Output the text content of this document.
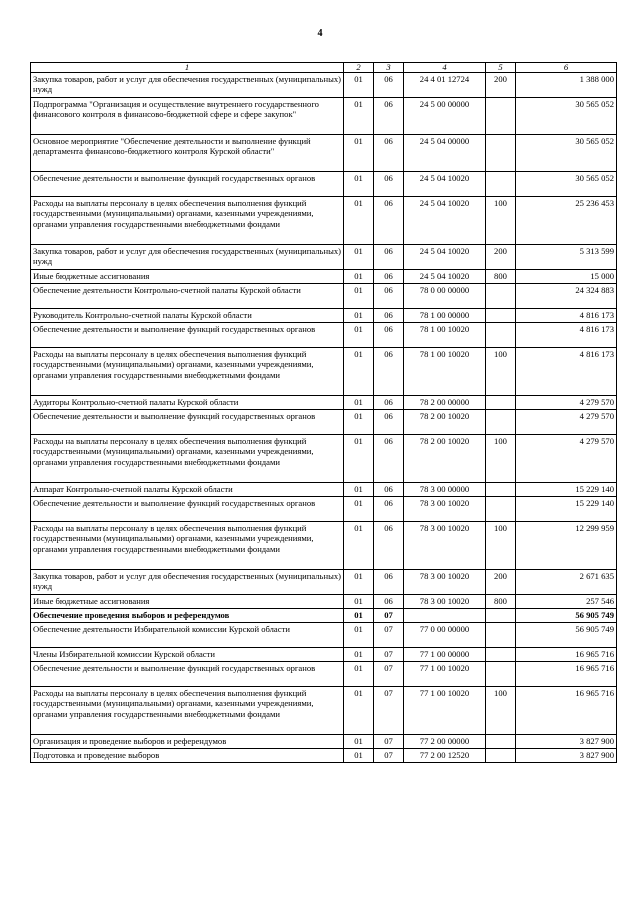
4
1	2	3	4	5	6
Закупка товаров, работ и услуг для обеспечения государственных (муниципальных) нужд	01	06	24 4 01 12724	200	1 388 000
Подпрограмма "Организация и осуществление внутреннего государственного финансового контроля в финансово-бюджетной сфере и сфере закупок"	01	06	24 5 00 00000		30 565 052
Основное мероприятие "Обеспечение деятельности и выполнение функций департамента финансово-бюджетного контроля Курской области"	01	06	24 5 04 00000		30 565 052
Обеспечение деятельности и выполнение функций государственных органов	01	06	24 5 04 10020		30 565 052
Расходы на выплаты персоналу в целях обеспечения выполнения функций государственными (муниципальными) органами, казенными учреждениями, органами управления государственными внебюджетными фондами	01	06	24 5 04 10020	100	25 236 453
Закупка товаров, работ и услуг для обеспечения государственных (муниципальных) нужд	01	06	24 5 04 10020	200	5 313 599
Иные бюджетные ассигнования	01	06	24 5 04 10020	800	15 000
Обеспечение деятельности Контрольно-счетной палаты Курской области	01	06	78 0 00 00000		24 324 883
Руководитель Контрольно-счетной палаты Курской области	01	06	78 1 00 00000		4 816 173
Обеспечение деятельности и выполнение функций государственных органов	01	06	78 1 00 10020		4 816 173
Расходы на выплаты персоналу в целях обеспечения выполнения функций государственными (муниципальными) органами, казенными учреждениями, органами управления государственными внебюджетными фондами	01	06	78 1 00 10020	100	4 816 173
Аудиторы Контрольно-счетной палаты Курской области	01	06	78 2 00 00000		4 279 570
Обеспечение деятельности и выполнение функций государственных органов	01	06	78 2 00 10020		4 279 570
Расходы на выплаты персоналу в целях обеспечения выполнения функций государственными (муниципальными) органами, казенными учреждениями, органами управления государственными внебюджетными фондами	01	06	78 2 00 10020	100	4 279 570
Аппарат Контрольно-счетной палаты Курской области	01	06	78 3 00 00000		15 229 140
Обеспечение деятельности и выполнение функций государственных органов	01	06	78 3 00 10020		15 229 140
Расходы на выплаты персоналу в целях обеспечения выполнения функций государственными (муниципальными) органами, казенными учреждениями, органами управления государственными внебюджетными фондами	01	06	78 3 00 10020	100	12 299 959
Закупка товаров, работ и услуг для обеспечения государственных (муниципальных) нужд	01	06	78 3 00 10020	200	2 671 635
Иные бюджетные ассигнования	01	06	78 3 00 10020	800	257 546
Обеспечение проведения выборов и референдумов	01	07			56 905 749
Обеспечение деятельности Избирательной комиссии Курской области	01	07	77 0 00 00000		56 905 749
Члены Избирательной комиссии Курской области	01	07	77 1 00 00000		16 965 716
Обеспечение деятельности и выполнение функций государственных органов	01	07	77 1 00 10020		16 965 716
Расходы на выплаты персоналу в целях обеспечения выполнения функций государственными (муниципальными) органами, казенными учреждениями, органами управления государственными внебюджетными фондами	01	07	77 1 00 10020	100	16 965 716
Организация и проведение выборов и референдумов	01	07	77 2 00 00000		3 827 900
Подготовка и проведение выборов	01	07	77 2 00 12520		3 827 900
